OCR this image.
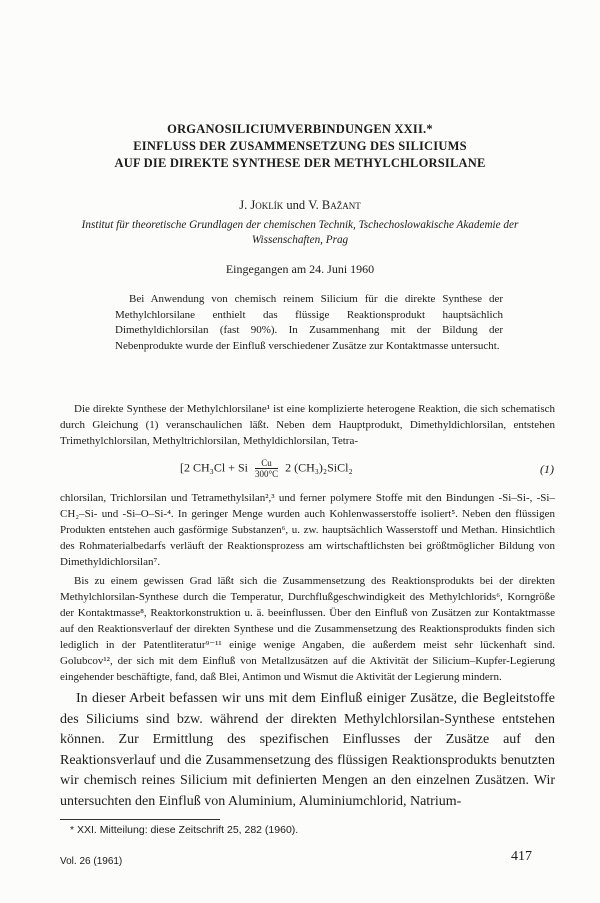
ORGANOSILICIUMVERBINDUNGEN XXII.*
EINFLUSS DER ZUSAMMENSETZUNG DES SILICIUMS
AUF DIE DIREKTE SYNTHESE DER METHYLCHLORSILANE
J. Joklík und V. Bažant
Institut für theoretische Grundlagen der chemischen Technik, Tschechoslowakische Akademie der Wissenschaften, Prag
Eingegangen am 24. Juni 1960
Bei Anwendung von chemisch reinem Silicium für die direkte Synthese der Methylchlorsilane enthielt das flüssige Reaktionsprodukt hauptsächlich Dimethyldichlorsilan (fast 90%). In Zusammenhang mit der Bildung der Nebenprodukte wurde der Einfluß verschiedener Zusätze zur Kontaktmasse untersucht.
Die direkte Synthese der Methylchlorsilane¹ ist eine komplizierte heterogene Reaktion, die sich schematisch durch Gleichung (1) veranschaulichen läßt. Neben dem Hauptprodukt, Dimethyldichlorsilan, entstehen Trimethylchlorsilan, Methyltrichlorsilan, Methyldichlorsilan, Tetra-
[2 CH₃Cl + Si $\frac{Cu}{300^\circ C} 2$ (CH₃)₂SiCl₂	(1)
chlorsilan, Trichlorsilan und Tetramethylsilan²,³ und ferner polymere Stoffe mit den Bindungen -Si–Si-, -Si–CH₂–Si- und -Si–O–Si-⁴. In geringer Menge wurden auch Kohlenwasserstoffe isoliert⁵. Neben den flüssigen Produkten entstehen auch gasförmige Substanzen⁶, u. zw. hauptsächlich Wasserstoff und Methan. Hinsichtlich des Rohmaterialbedarfs verläuft der Reaktionsprozess am wirtschaftlichsten bei größtmöglicher Bildung von Dimethyldichlorsilan⁷.
Bis zu einem gewissen Grad läßt sich die Zusammensetzung des Reaktionsprodukts bei der direkten Methylchlorsilan-Synthese durch die Temperatur, Durchflußgeschwindigkeit des Methylchlorids⁶, Korngröße der Kontaktmasse⁸, Reaktorkonstruktion u. ä. beeinflussen. Über den Einfluß von Zusätzen zur Kontaktmasse auf den Reaktionsverlauf der direkten Synthese und die Zusammensetzung des Reaktionsprodukts finden sich lediglich in der Patentliteratur⁹⁻¹¹ einige wenige Angaben, die außerdem meist sehr lückenhaft sind. Golubcov¹², der sich mit dem Einfluß von Metallzusätzen auf die Aktivität der Silicium–Kupfer-Legierung eingehender beschäftigte, fand, daß Blei, Antimon und Wismut die Aktivität der Legierung mindern.
In dieser Arbeit befassen wir uns mit dem Einfluß einiger Zusätze, die Begleitstoffe des Siliciums sind bzw. während der direkten Methylchlorsilan-Synthese entstehen können. Zur Ermittlung des spezifischen Einflusses der Zusätze auf den Reaktionsverlauf und die Zusammensetzung des flüssigen Reaktionsprodukts benutzten wir chemisch reines Silicium mit definierten Mengen an den einzelnen Zusätzen. Wir untersuchten den Einfluß von Aluminium, Aluminiumchlorid, Natrium-
* XXI. Mitteilung: diese Zeitschrift 25, 282 (1960).
Vol. 26 (1961)	417
